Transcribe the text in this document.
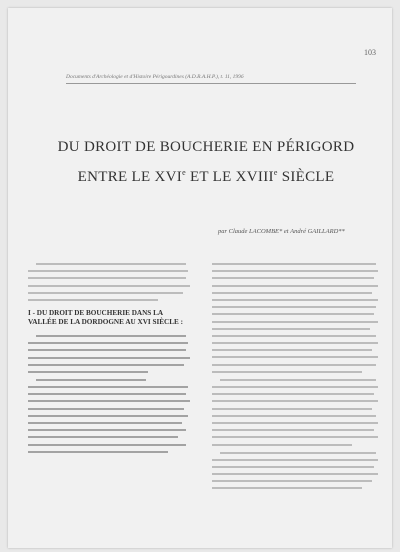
103
Documents d'Archéologie et d'Histoire Périgourdines (A.D.R.A.H.P.), t. 11, 1996
DU DROIT DE BOUCHERIE EN PÉRIGORD
ENTRE LE XVIe ET LE XVIIIe SIÈCLE
par Claude LACOMBE* et André GAILLARD**
I - DU DROIT DE BOUCHERIE DANS LA VALLÉE DE LA DORDOGNE AU XVI SIÈCLE :
